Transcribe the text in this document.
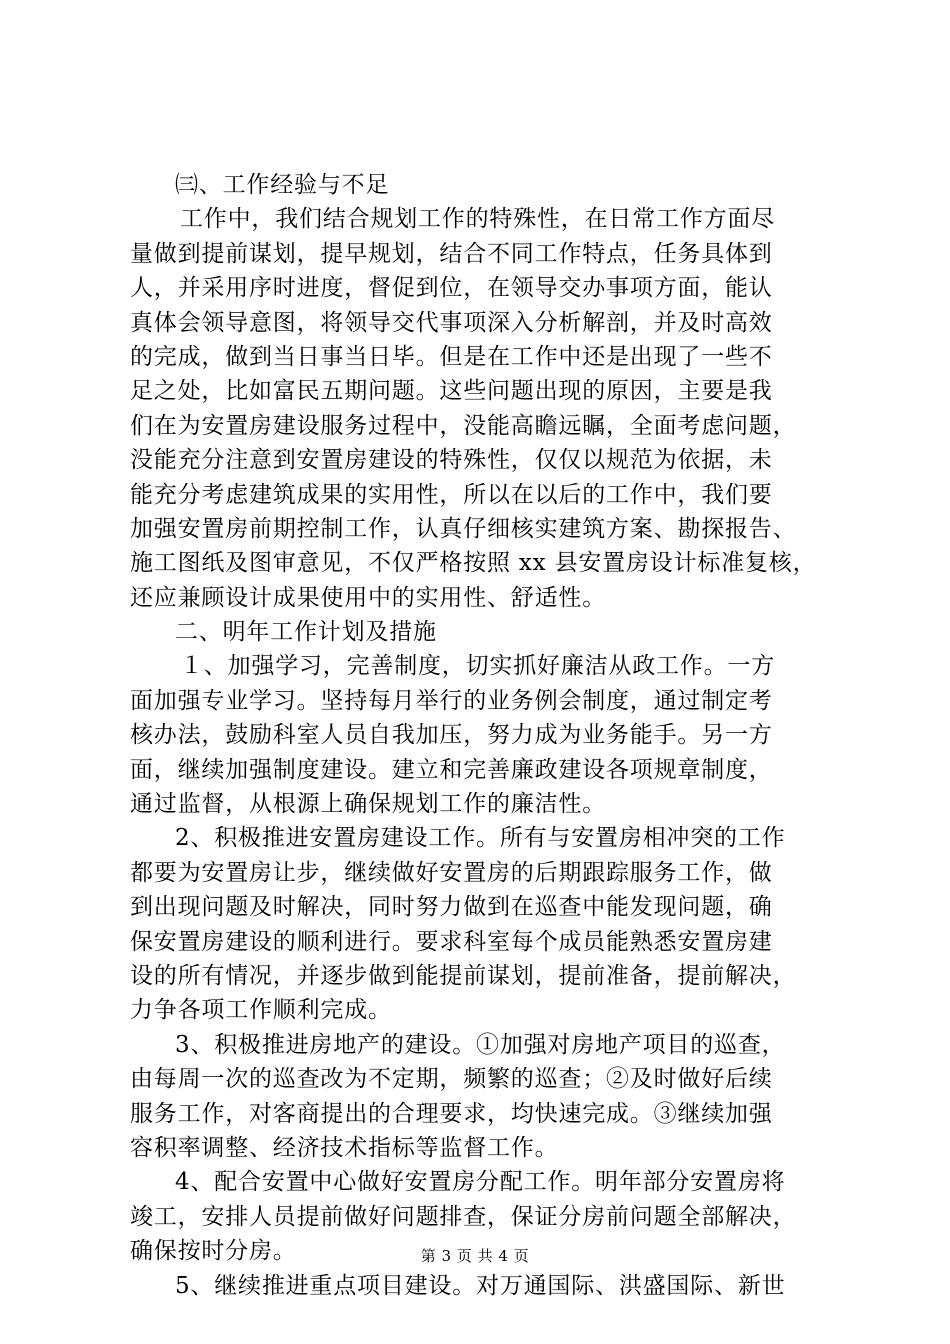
㈢、工作经验与不足
工作中，我们结合规划工作的特殊性，在日常工作方面尽
量做到提前谋划，提早规划，结合不同工作特点，任务具体到
人，并采用序时进度，督促到位，在领导交办事项方面，能认
真体会领导意图，将领导交代事项深入分析解剖，并及时高效
的完成，做到当日事当日毕。但是在工作中还是出现了一些不
足之处，比如富民五期问题。这些问题出现的原因，主要是我
们在为安置房建设服务过程中，没能高瞻远瞩，全面考虑问题，
没能充分注意到安置房建设的特殊性，仅仅以规范为依据，未
能充分考虑建筑成果的实用性，所以在以后的工作中，我们要
加强安置房前期控制工作，认真仔细核实建筑方案、勘探报告、
施工图纸及图审意见，不仅严格按照 xx 县安置房设计标准复核，
还应兼顾设计成果使用中的实用性、舒适性。
二、明年工作计划及措施
１、加强学习，完善制度，切实抓好廉洁从政工作。一方
面加强专业学习。坚持每月举行的业务例会制度，通过制定考
核办法，鼓励科室人员自我加压，努力成为业务能手。另一方
面，继续加强制度建设。建立和完善廉政建设各项规章制度，
通过监督，从根源上确保规划工作的廉洁性。
2、积极推进安置房建设工作。所有与安置房相冲突的工作
都要为安置房让步，继续做好安置房的后期跟踪服务工作，做
到出现问题及时解决，同时努力做到在巡查中能发现问题，确
保安置房建设的顺利进行。要求科室每个成员能熟悉安置房建
设的所有情况，并逐步做到能提前谋划，提前准备，提前解决，
力争各项工作顺利完成。
3、积极推进房地产的建设。①加强对房地产项目的巡查，
由每周一次的巡查改为不定期，频繁的巡查；②及时做好后续
服务工作，对客商提出的合理要求，均快速完成。③继续加强
容积率调整、经济技术指标等监督工作。
4、配合安置中心做好安置房分配工作。明年部分安置房将
竣工，安排人员提前做好问题排查，保证分房前问题全部解决，
确保按时分房。
5、继续推进重点项目建设。对万通国际、洪盛国际、新世
第 3 页 共 4 页
